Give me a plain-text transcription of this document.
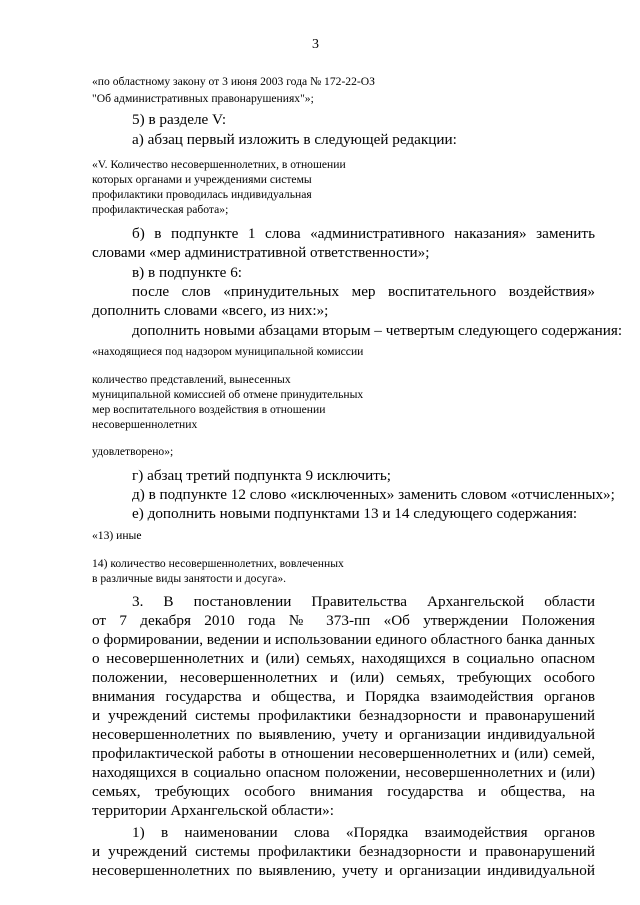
3
«по областному закону от 3 июня 2003 года № 172-22-ОЗ
"Об административных правонарушениях"»;
5) в разделе V:
а) абзац первый изложить в следующей редакции:
«V. Количество несовершеннолетних, в отношении
которых органами и учреждениями системы
профилактики проводилась индивидуальная
профилактическая работа»;
б) в подпункте 1 слова «административного наказания» заменить
словами «мер административной ответственности»;
в) в подпункте 6:
после слов «принудительных мер воспитательного воздействия»
дополнить словами «всего, из них:»;
дополнить новыми абзацами вторым – четвертым следующего содержания:
«находящиеся под надзором муниципальной комиссии
количество представлений, вынесенных
муниципальной комиссией об отмене принудительных
мер воспитательного воздействия в отношении
несовершеннолетних
удовлетворено»;
г) абзац третий подпункта 9 исключить;
д) в подпункте 12 слово «исключенных» заменить словом «отчисленных»;
е) дополнить новыми подпунктами 13 и 14 следующего содержания:
«13) иные
14) количество несовершеннолетних, вовлеченных
в различные виды занятости и досуга».
3. В постановлении Правительства Архангельской области
от 7 декабря 2010 года № 373-пп «Об утверждении Положения
о формировании, ведении и использовании единого областного банка данных
о несовершеннолетних и (или) семьях, находящихся в социально опасном
положении, несовершеннолетних и (или) семьях, требующих особого
внимания государства и общества, и Порядка взаимодействия органов
и учреждений системы профилактики безнадзорности и правонарушений
несовершеннолетних по выявлению, учету и организации индивидуальной
профилактической работы в отношении несовершеннолетних и (или) семей,
находящихся в социально опасном положении, несовершеннолетних и (или)
семьях, требующих особого внимания государства и общества, на
территории Архангельской области»:
1) в наименовании слова «Порядка взаимодействия органов
и учреждений системы профилактики безнадзорности и правонарушений
несовершеннолетних по выявлению, учету и организации индивидуальной
